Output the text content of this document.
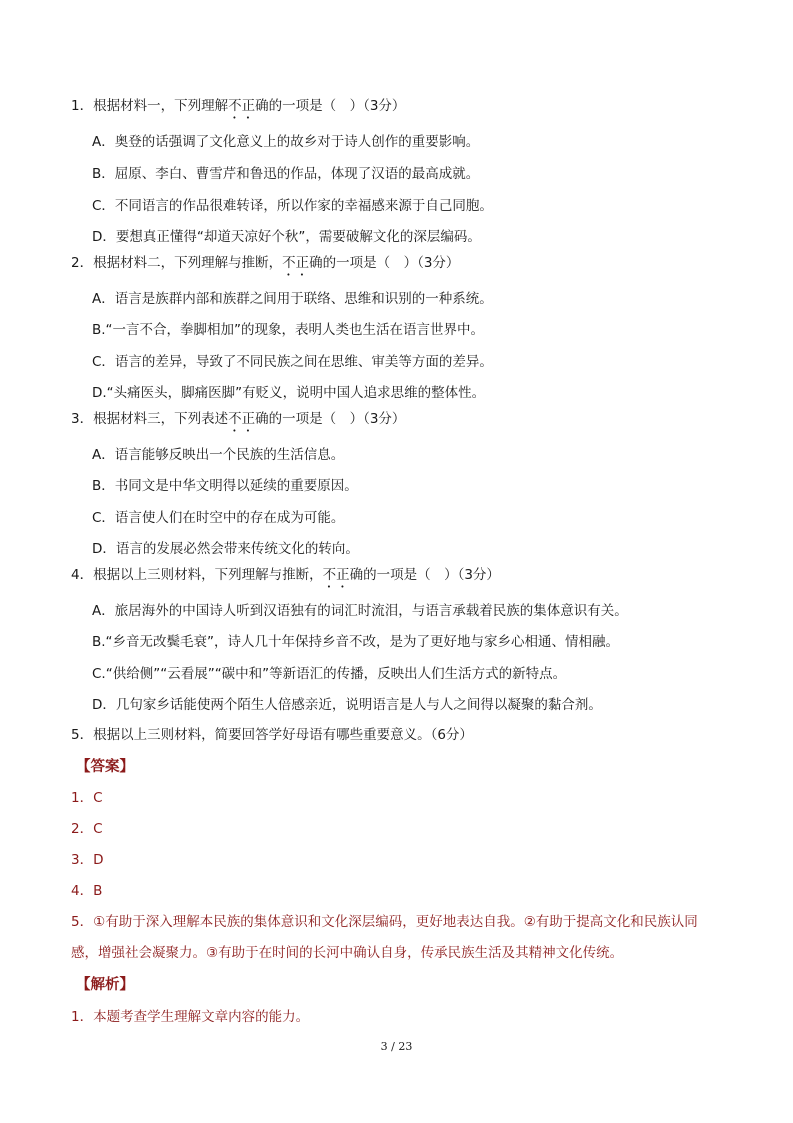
1．根据材料一，下列理解不正确的一项是（　）（3分）
A．奥登的话强调了文化意义上的故乡对于诗人创作的重要影响。
B．屈原、李白、曹雪芹和鲁迅的作品，体现了汉语的最高成就。
C．不同语言的作品很难转译，所以作家的幸福感来源于自己同胞。
D．要想真正懂得“却道天凉好个秋”，需要破解文化的深层编码。
2．根据材料二，下列理解与推断，不正确的一项是（　）（3分）
A．语言是族群内部和族群之间用于联络、思维和识别的一种系统。
B.“一言不合，拳脚相加”的现象，表明人类也生活在语言世界中。
C．语言的差异，导致了不同民族之间在思维、审美等方面的差异。
D.“头痛医头，脚痛医脚”有贬义，说明中国人追求思维的整体性。
3．根据材料三，下列表述不正确的一项是（　）（3分）
A．语言能够反映出一个民族的生活信息。
B．书同文是中华文明得以延续的重要原因。
C．语言使人们在时空中的存在成为可能。
D．语言的发展必然会带来传统文化的转向。
4．根据以上三则材料，下列理解与推断，不正确的一项是（　）（3分）
A．旅居海外的中国诗人听到汉语独有的词汇时流泪，与语言承载着民族的集体意识有关。
B.“乡音无改鬓毛衰”，诗人几十年保持乡音不改，是为了更好地与家乡心相通、情相融。
C.“供给侧”“云看展”“碳中和”等新语汇的传播，反映出人们生活方式的新特点。
D．几句家乡话能使两个陌生人倍感亲近，说明语言是人与人之间得以凝聚的黏合剂。
5．根据以上三则材料，简要回答学好母语有哪些重要意义。（6分）
【答案】
1．C
2．C
3．D
4．B
5．①有助于深入理解本民族的集体意识和文化深层编码，更好地表达自我。②有助于提高文化和民族认同
感，增强社会凝聚力。③有助于在时间的长河中确认自身，传承民族生活及其精神文化传统。
【解析】
1．本题考查学生理解文章内容的能力。
3 / 23
